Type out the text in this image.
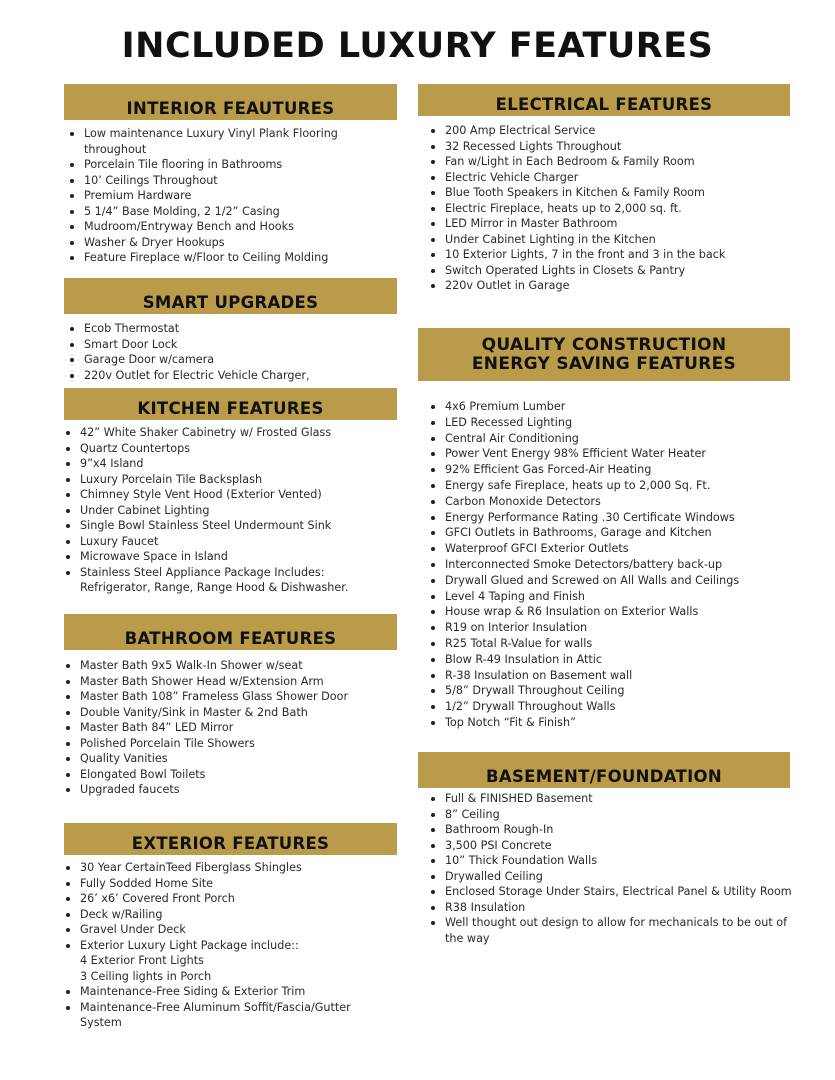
INCLUDED LUXURY FEATURES
INTERIOR FEAUTURES
Low maintenance Luxury Vinyl Plank Flooring
throughout
Porcelain Tile flooring in Bathrooms
10’ Ceilings Throughout
Premium Hardware
5 1/4” Base Molding, 2 1/2” Casing
Mudroom/Entryway Bench and Hooks
Washer & Dryer Hookups
Feature Fireplace w/Floor to Ceiling Molding
SMART UPGRADES
Ecob Thermostat
Smart Door Lock
Garage Door w/camera
220v Outlet for Electric Vehicle Charger,
KITCHEN FEATURES
42” White Shaker Cabinetry w/ Frosted Glass
Quartz Countertops
9”x4 Island
Luxury Porcelain Tile Backsplash
Chimney Style Vent Hood (Exterior Vented)
Under Cabinet Lighting
Single Bowl Stainless Steel Undermount Sink
Luxury Faucet
Microwave Space in Island
Stainless Steel Appliance Package Includes:
Refrigerator, Range, Range Hood & Dishwasher.
BATHROOM FEATURES
Master Bath 9x5 Walk-In Shower w/seat
Master Bath Shower Head w/Extension Arm
Master Bath 108” Frameless Glass Shower Door
Double Vanity/Sink in Master & 2nd Bath
Master Bath 84” LED Mirror
Polished Porcelain Tile Showers
Quality Vanities
Elongated Bowl Toilets
Upgraded faucets
EXTERIOR FEATURES
30 Year CertainTeed Fiberglass Shingles
Fully Sodded Home Site
26’ x6’ Covered Front Porch
Deck w/Railing
Gravel Under Deck
Exterior Luxury Light Package include::
4 Exterior Front Lights
3 Ceiling lights in Porch
Maintenance-Free Siding & Exterior Trim
Maintenance-Free Aluminum Soffit/Fascia/Gutter
System
ELECTRICAL FEATURES
200 Amp Electrical Service
32 Recessed Lights Throughout
Fan w/Light in Each Bedroom & Family Room
Electric Vehicle Charger
Blue Tooth Speakers in Kitchen & Family Room
Electric Fireplace, heats up to 2,000 sq. ft.
LED Mirror in Master Bathroom
Under Cabinet Lighting in the Kitchen
10 Exterior Lights, 7 in the front and 3 in the back
Switch Operated Lights in Closets & Pantry
220v Outlet in Garage
QUALITY CONSTRUCTION
ENERGY SAVING FEATURES
4x6 Premium Lumber
LED Recessed Lighting
Central Air Conditioning
Power Vent Energy 98% Efficient Water Heater
92% Efficient Gas Forced-Air Heating
Energy safe Fireplace, heats up to 2,000 Sq. Ft.
Carbon Monoxide Detectors
Energy Performance Rating .30 Certificate Windows
GFCI Outlets in Bathrooms, Garage and Kitchen
Waterproof GFCI Exterior Outlets
Interconnected Smoke Detectors/battery back-up
Drywall Glued and Screwed on All Walls and Ceilings
Level 4 Taping and Finish
House wrap & R6 Insulation on Exterior Walls
R19 on Interior Insulation
R25 Total R-Value for walls
Blow R-49 Insulation in Attic
R-38 Insulation on Basement wall
5/8” Drywall Throughout Ceiling
1/2” Drywall Throughout Walls
Top Notch “Fit & Finish”
BASEMENT/FOUNDATION
Full & FINISHED Basement
8” Ceiling
Bathroom Rough-In
3,500 PSI Concrete
10” Thick Foundation Walls
Drywalled Ceiling
Enclosed Storage Under Stairs, Electrical Panel & Utility Room
R38 Insulation
Well thought out design to allow for mechanicals to be out of
the way
